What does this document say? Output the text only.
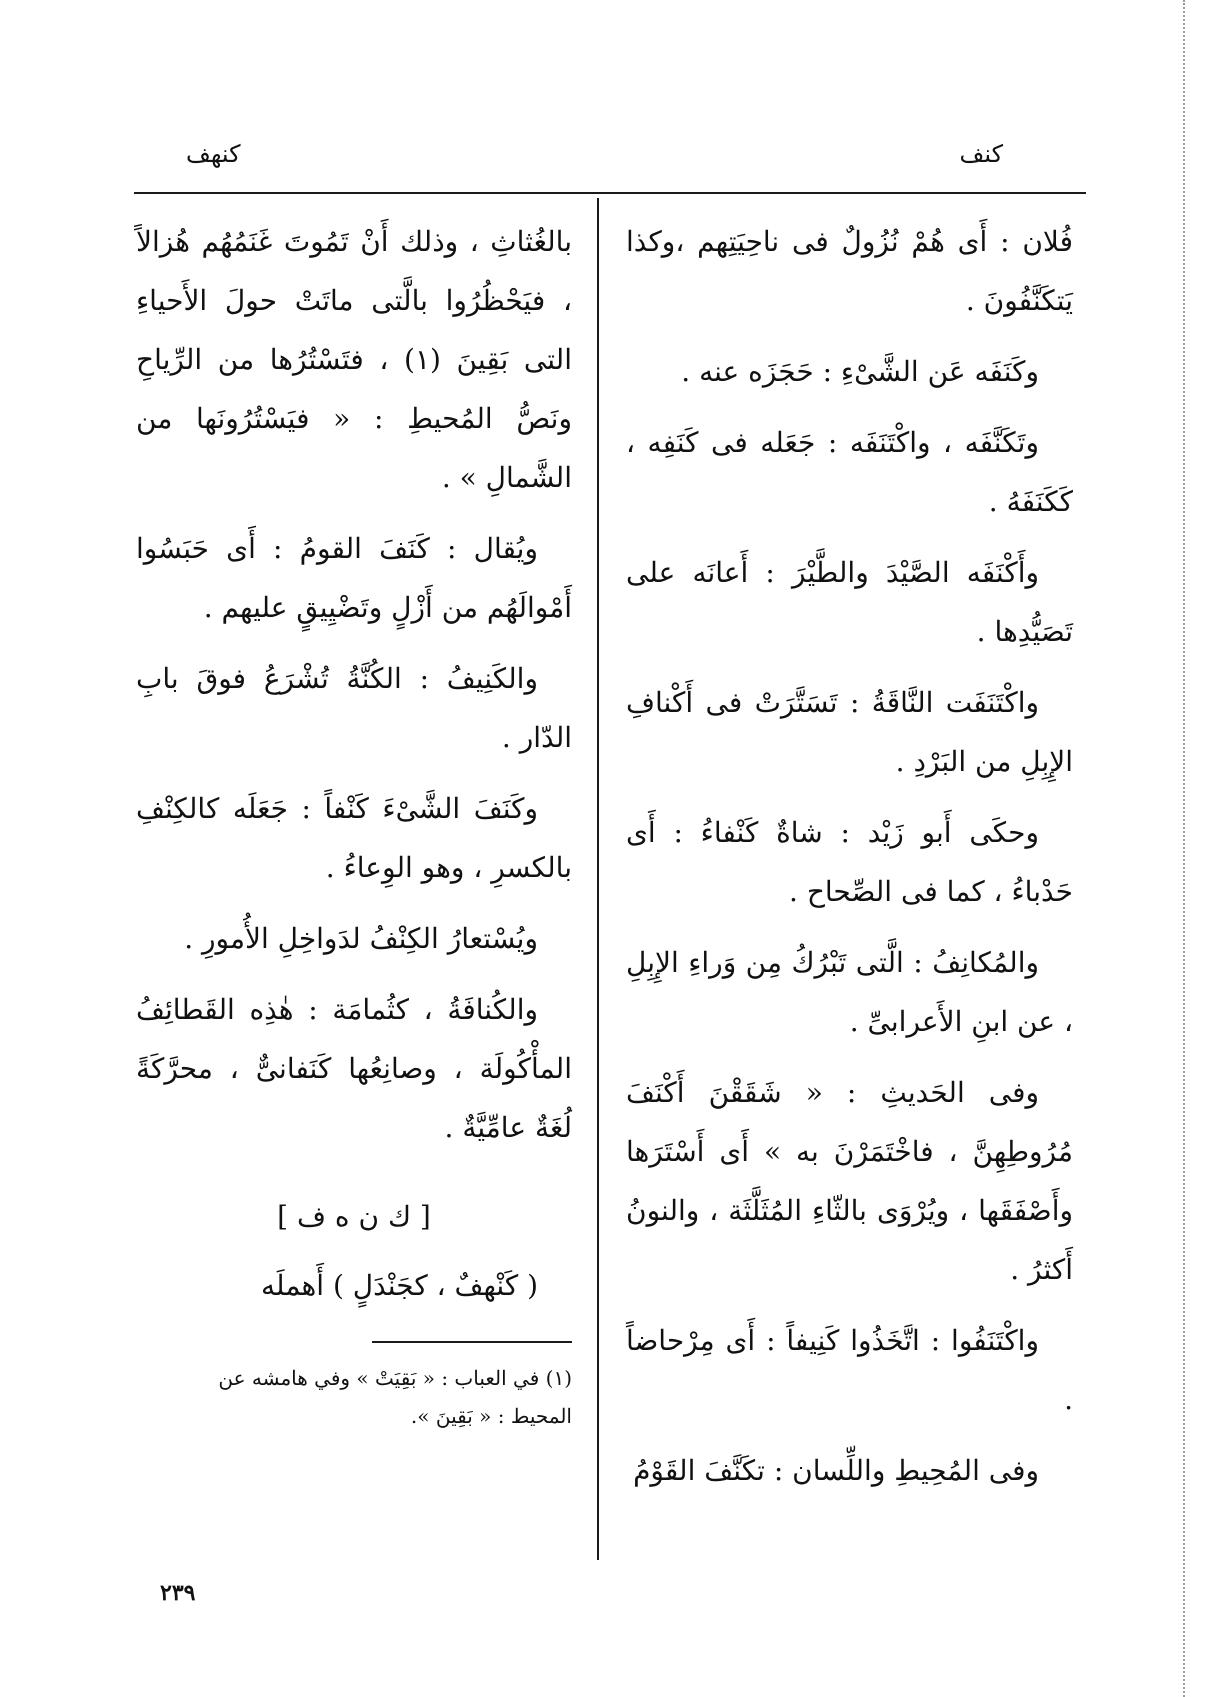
كنف
كنهف

فُلان : أَى هُمْ نُزُولٌ فى ناحِيَتِهم ،وكذا يَتكَنَّفُونَ .

وكَنَفَه عَن الشَّىْءِ : حَجَزَه عنه .

وتَكَنَّفَه ، واكْتَنَفَه : جَعَله فى كَنَفِه ، كَكَنَفَهُ .

وأَكْنَفَه الصَّيْدَ والطَّيْرَ : أَعانَه على تَصَيُّدِها .

واكْتَنَفَت النَّاقَةُ : تَسَتَّرَتْ فى أَكْنافِ الإِبِلِ من البَرْدِ .

وحكَى أَبو زَيْد : شاةٌ كَنْفاءُ : أَى حَدْباءُ ، كما فى الصِّحاح .

والمُكانِفُ : الَّتى تَبْرُكُ مِن وَراءِ الإِبِلِ ، عن ابنِ الأَعرابىِّ .

وفى الحَديثِ : « شَقَقْنَ أَكْنَفَ مُرُوطِهِنَّ ، فاخْتَمَرْنَ به » أَى أَسْتَرَها وأَصْفَقَها ، ويُرْوَى بالثّاءِ المُثَلَّثَة ، والنونُ أَكثرُ .

واكْتَنَفُوا : اتَّخَذُوا كَنِيفاً : أَى مِرْحاضاً .

وفى المُحِيطِ واللِّسان : تكَنَّفَ القَوْمُ

بالغُثاثِ ، وذلك أَنْ تَمُوتَ غَنَمُهُم هُزالاً ، فيَحْظُرُوا بالَّتى ماتَتْ حولَ الأَحياءِ التى بَقِينَ (١) ، فتَسْتُرُها من الرِّياحِ ونَصُّ المُحيطِ : « فيَسْتُرُونَها من الشَّمالِ » .

ويُقال : كَنَفَ القومُ : أَى حَبَسُوا أَمْوالَهُم من أَزْلٍ وتَضْيِيقٍ عليهم .

والكَنِيفُ : الكُنَّةُ تُشْرَعُ فوقَ بابِ الدّار .

وكَنَفَ الشَّىْءَ كَنْفاً : جَعَلَه كالكِنْفِ بالكسرِ ، وهو الوِعاءُ .

ويُسْتعارُ الكِنْفُ لدَواخِلِ الأُمورِ .

والكُنافَةُ ، كثُمامَة : هٰذِه القَطائِفُ المأْكُولَة ، وصانِعُها كَنَفانىٌّ ، محرَّكَةً لُغَةٌ عامِّيَّةٌ .

[ ك ن ه ف ]

( كَنْهفٌ ، كجَنْدَلٍ ) أَهملَه

(١) في العباب : « بَقِيَتْ » وفي هامشه عن

المحيط : « بَقِينَ ».

٢٣٩
